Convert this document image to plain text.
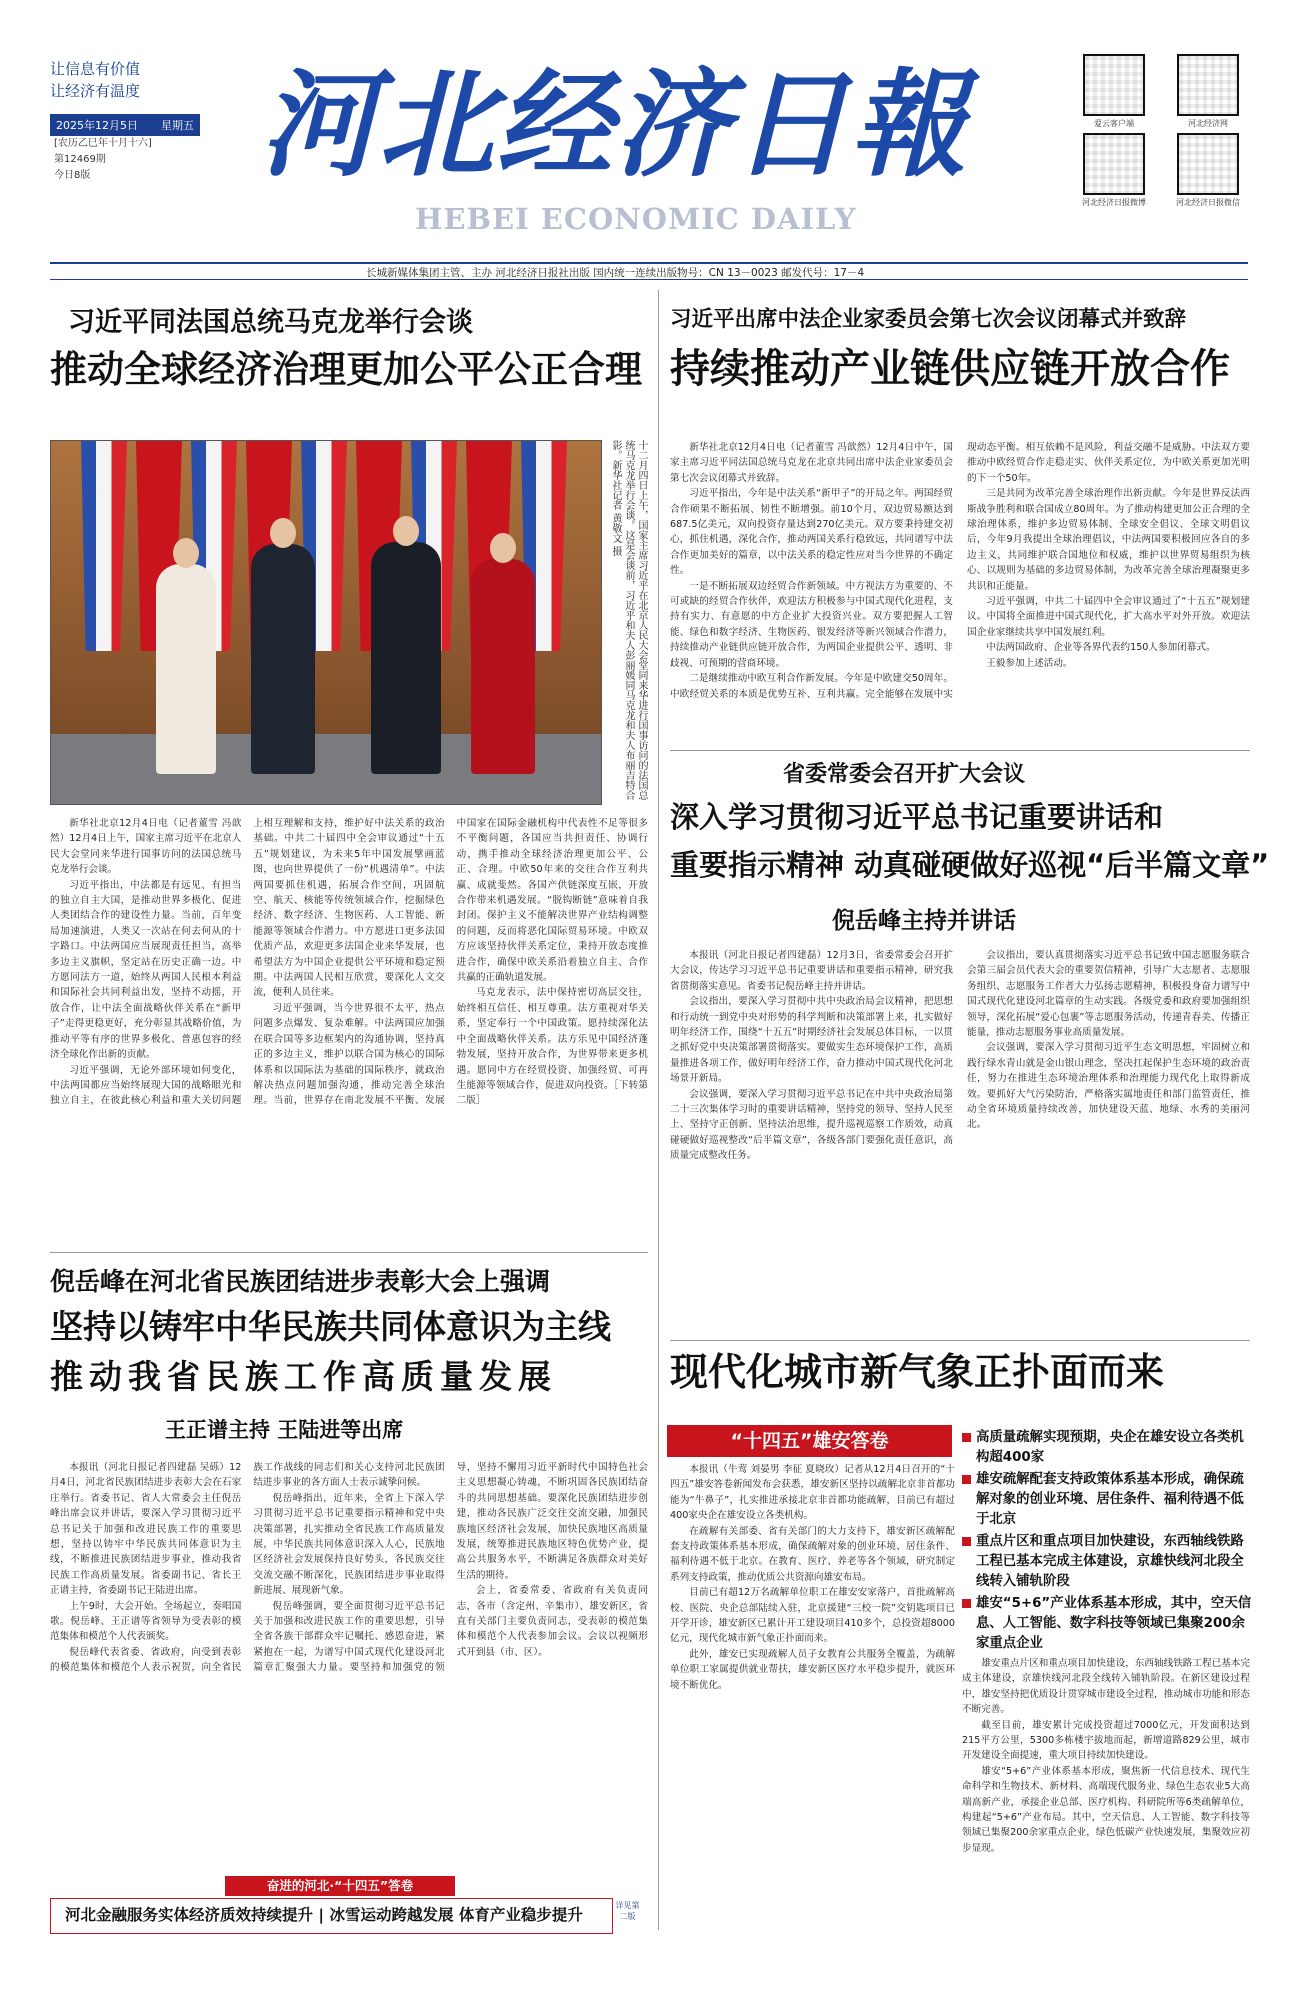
让信息有价值
让经济有温度
2025年12月5日 星期五
[农历乙巳年十月十六]
第12469期
今日8版	河北经济日報
HEBEI ECONOMIC DAILY
爱云客户端	河北经济网
河北经济日报微博	河北经济日报微信
长城新媒体集团主管、主办 河北经济日报社出版 国内统一连续出版物号：CN 13－0023 邮发代号：17－4
习近平同法国总统马克龙举行会谈
推动全球经济治理更加公平公正合理
十二月四日上午，国家主席习近平在北京人民大会堂同来华进行国事访问的法国总统马克龙举行会谈。这是会谈前，习近平和夫人彭丽媛同马克龙和夫人布丽吉特合影。新华社记者 黄敬文 摄

新华社北京12月4日电（记者董雪 冯歆然）12月4日上午，国家主席习近平在北京人民大会堂同来华进行国事访问的法国总统马克龙举行会谈。

习近平指出，中法都是有远见、有担当的独立自主大国，是推动世界多极化、促进人类团结合作的建设性力量。当前，百年变局加速演进，人类又一次站在何去何从的十字路口。中法两国应当展现责任担当，高举多边主义旗帜，坚定站在历史正确一边。中方愿同法方一道，始终从两国人民根本利益和国际社会共同利益出发，坚持不动摇，开放合作，让中法全面战略伙伴关系在“新甲子”走得更稳更好，充分彰显其战略价值，为推动平等有序的世界多极化、普惠包容的经济全球化作出新的贡献。

习近平强调，无论外部环境如何变化，中法两国都应当始终展现大国的战略眼光和独立自主，在彼此核心利益和重大关切问题上相互理解和支持，维护好中法关系的政治基础。中共二十届四中全会审议通过“十五五”规划建议，为未来5年中国发展擘画蓝图，也向世界提供了一份“机遇清单”。中法两国要抓住机遇，拓展合作空间，巩固航空、航天、核能等传统领域合作，挖掘绿色经济、数字经济、生物医药、人工智能、新能源等领域合作潜力。中方愿进口更多法国优质产品，欢迎更多法国企业来华发展，也希望法方为中国企业提供公平环境和稳定预期。中法两国人民相互欣赏，要深化人文交流，便利人员往来。

习近平强调，当今世界很不太平，热点问题多点爆发、复杂难解。中法两国应加强在联合国等多边框架内的沟通协调，坚持真正的多边主义，维护以联合国为核心的国际体系和以国际法为基础的国际秩序，就政治解决热点问题加强沟通，推动完善全球治理。当前，世界存在南北发展不平衡、发展中国家在国际金融机构中代表性不足等很多不平衡问题，各国应当共担责任、协调行动，携手推动全球经济治理更加公平、公正、合理。中欧50年来的交往合作互利共赢、成就斐然。各国产供链深度互嵌，开放合作带来机遇发展。“脱钩断链”意味着自我封闭。保护主义不能解决世界产业结构调整的问题，反而将恶化国际贸易环境。中欧双方应该坚持伙伴关系定位，秉持开放态度推进合作，确保中欧关系沿着独立自主、合作共赢的正确轨道发展。

马克龙表示，法中保持密切高层交往，始终相互信任、相互尊重。法方重视对华关系，坚定奉行一个中国政策。愿持续深化法中全面战略伙伴关系。法方乐见中国经济蓬勃发展，坚持开放合作，为世界带来更多机遇。愿同中方在经贸投资、加强经贸、可再生能源等领域合作，促进双向投资。［下转第二版］

习近平出席中法企业家委员会第七次会议闭幕式并致辞
持续推动产业链供应链开放合作

新华社北京12月4日电（记者董雪 冯歆然）12月4日中午，国家主席习近平同法国总统马克龙在北京共同出席中法企业家委员会第七次会议闭幕式并致辞。

习近平指出，今年是中法关系“新甲子”的开局之年。两国经贸合作硕果不断拓展、韧性不断增强。前10个月，双边贸易额达到687.5亿美元，双向投资存量达到270亿美元。双方要秉持建交初心，抓住机遇，深化合作，推动两国关系行稳致远，共同谱写中法合作更加美好的篇章，以中法关系的稳定性应对当今世界的不确定性。

一是不断拓展双边经贸合作新领域。中方视法方为重要的、不可或缺的经贸合作伙伴，欢迎法方积极参与中国式现代化进程，支持有实力、有意愿的中方企业扩大投资兴业。双方要把握人工智能、绿色和数字经济、生物医药、银发经济等新兴领域合作潜力，持续推动产业链供应链开放合作，为两国企业提供公平、透明、非歧视、可预期的营商环境。

二是继续推动中欧互利合作新发展。今年是中欧建交50周年。中欧经贸关系的本质是优势互补、互利共赢。完全能够在发展中实现动态平衡。相互依赖不是风险，利益交融不是威胁。中法双方要推动中欧经贸合作走稳走实、伙伴关系定位，为中欧关系更加光明的下一个50年。

三是共同为改革完善全球治理作出新贡献。今年是世界反法西斯战争胜利和联合国成立80周年。为了推动构建更加公正合理的全球治理体系，维护多边贸易体制、全球安全倡议、全球文明倡议后，今年9月我提出全球治理倡议，中法两国要积极回应各自的多边主义，共同维护联合国地位和权威，维护以世界贸易组织为核心、以规则为基础的多边贸易体制，为改革完善全球治理凝聚更多共识和正能量。

习近平强调，中共二十届四中全会审议通过了“十五五”规划建议。中国将全面推进中国式现代化，扩大高水平对外开放。欢迎法国企业家继续共享中国发展红利。

中法两国政府、企业等各界代表约150人参加闭幕式。

王毅参加上述活动。

省委常委会召开扩大会议
深入学习贯彻习近平总书记重要讲话和
重要指示精神 动真碰硬做好巡视“后半篇文章”
倪岳峰主持并讲话

本报讯（河北日报记者四建磊）12月3日，省委常委会召开扩大会议，传达学习习近平总书记重要讲话和重要指示精神，研究我省贯彻落实意见。省委书记倪岳峰主持并讲话。

会议指出，要深入学习贯彻中共中央政治局会议精神，把思想和行动统一到党中央对形势的科学判断和决策部署上来，扎实做好明年经济工作，围绕“十五五”时期经济社会发展总体目标，一以贯之抓好党中央决策部署贯彻落实。要做实生态环境保护工作，高质量推进各项工作，做好明年经济工作，奋力推动中国式现代化河北场景开新局。

会议强调，要深入学习贯彻习近平总书记在中共中央政治局第二十三次集体学习时的重要讲话精神，坚持党的领导、坚持人民至上、坚持守正创新、坚持法治思维，提升巡视巡察工作质效，动真碰硬做好巡视整改“后半篇文章”，各级各部门要强化责任意识，高质量完成整改任务。

会议指出，要认真贯彻落实习近平总书记致中国志愿服务联合会第三届会员代表大会的重要贺信精神，引导广大志愿者、志愿服务组织、志愿服务工作者大力弘扬志愿精神，积极投身奋力谱写中国式现代化建设河北篇章的生动实践。各级党委和政府要加强组织领导，深化拓展“爱心包裹”等志愿服务活动，传递青春美、传播正能量，推动志愿服务事业高质量发展。

会议强调，要深入学习贯彻习近平生态文明思想，牢固树立和践行绿水青山就是金山银山理念，坚决扛起保护生态环境的政治责任，努力在推进生态环境治理体系和治理能力现代化上取得新成效。要抓好大气污染防治，严格落实属地责任和部门监管责任，推动全省环境质量持续改善，加快建设天蓝、地绿、水秀的美丽河北。

倪岳峰在河北省民族团结进步表彰大会上强调
坚持以铸牢中华民族共同体意识为主线
推动我省民族工作高质量发展
王正谱主持 王陆进等出席

本报讯（河北日报记者四建磊 吴砾）12月4日，河北省民族团结进步表彰大会在石家庄举行。省委书记、省人大常委会主任倪岳峰出席会议并讲话，要深入学习贯彻习近平总书记关于加强和改进民族工作的重要思想，坚持以铸牢中华民族共同体意识为主线，不断推进民族团结进步事业，推动我省民族工作高质量发展。省委副书记、省长王正谱主持，省委副书记王陆进出席。

上午9时，大会开始。全场起立，奏唱国歌。倪岳峰、王正谱等省领导为受表彰的模范集体和模范个人代表颁奖。

倪岳峰代表省委、省政府，向受到表彰的模范集体和模范个人表示祝贺，向全省民族工作战线的同志们和关心支持河北民族团结进步事业的各方面人士表示诚挚问候。

倪岳峰指出，近年来，全省上下深入学习贯彻习近平总书记重要指示精神和党中央决策部署，扎实推动全省民族工作高质量发展，中华民族共同体意识深入人心，民族地区经济社会发展保持良好势头，各民族交往交流交融不断深化，民族团结进步事业取得新进展、展现新气象。

倪岳峰强调，要全面贯彻习近平总书记关于加强和改进民族工作的重要思想，引导全省各族干部群众牢记嘱托、感恩奋进，紧紧抱在一起，为谱写中国式现代化建设河北篇章汇聚强大力量。要坚持和加强党的领导，坚持不懈用习近平新时代中国特色社会主义思想凝心铸魂，不断巩固各民族团结奋斗的共同思想基础。要深化民族团结进步创建，推动各民族广泛交往交流交融，加强民族地区经济社会发展，加快民族地区高质量发展，统筹推进民族地区特色优势产业，提高公共服务水平，不断满足各族群众对美好生活的期待。

会上，省委常委、省政府有关负责同志，各市（含定州、辛集市）、雄安新区，省直有关部门主要负责同志，受表彰的模范集体和模范个人代表参加会议。会议以视频形式开到县（市、区）。

现代化城市新气象正扑面而来
“十四五”雄安答卷	高质量疏解实现预期，央企在雄安设立各类机构超400家
雄安疏解配套支持政策体系基本形成，确保疏解对象的创业环境、居住条件、福利待遇不低于北京
重点片区和重点项目加快建设，东西轴线铁路工程已基本完成主体建设，京雄快线河北段全线转入铺轨阶段
雄安“5+6”产业体系基本形成，其中，空天信息、人工智能、数字科技等领域已集聚200余家重点企业

本报讯（牛莺 刘晏男 李征 夏晓玫）记者从12月4日召开的“十四五”雄安答卷新闻发布会获悉，雄安新区坚持以疏解北京非首都功能为“牛鼻子”，扎实推进承接北京非首都功能疏解，目前已有超过400家央企在雄安设立各类机构。

在疏解有关部委、省有关部门的大力支持下，雄安新区疏解配套支持政策体系基本形成，确保疏解对象的创业环境、居住条件、福利待遇不低于北京。在教育、医疗、养老等各个领域，研究制定系列支持政策，推动优质公共资源向雄安布局。

目前已有超12万名疏解单位职工在雄安安家落户，首批疏解高校、医院、央企总部陆续入驻，北京援建“三校一院”交钥匙项目已开学开诊，雄安新区已累计开工建设项目410多个，总投资超8000亿元，现代化城市新气象正扑面而来。

此外，雄安已实现疏解人员子女教育公共服务全覆盖，为疏解单位职工家属提供就业帮扶，雄安新区医疗水平稳步提升，就医环境不断优化。

雄安重点片区和重点项目加快建设，东西轴线铁路工程已基本完成主体建设，京雄快线河北段全线转入铺轨阶段。在新区建设过程中，雄安坚持把优质设计贯穿城市建设全过程，推动城市功能和形态不断完善。

截至目前，雄安累计完成投资超过7000亿元，开发面积达到215平方公里，5300多栋楼宇拔地而起，新增道路829公里，城市开发建设全面提速，重大项目持续加快建设。

雄安“5+6”产业体系基本形成，聚焦新一代信息技术、现代生命科学和生物技术、新材料、高端现代服务业、绿色生态农业5大高端高新产业，承接企业总部、医疗机构、科研院所等6类疏解单位，构建起“5+6”产业布局。其中，空天信息、人工智能、数字科技等领域已集聚200余家重点企业，绿色低碳产业快速发展，集聚效应初步显现。

奋进的河北·“十四五”答卷
河北金融服务实体经济质效持续提升 | 冰雪运动跨越发展 体育产业稳步提升
详见第二版
